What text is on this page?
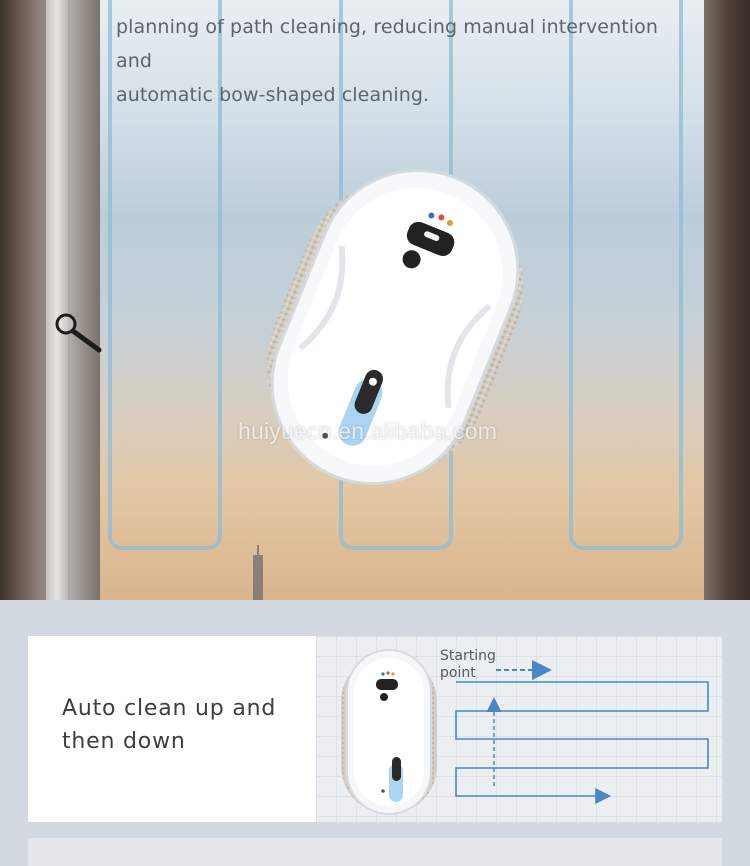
planning of path cleaning, reducing manual intervention and
automatic bow-shaped cleaning.
huiyuecn.en.alibaba.com
Auto clean up and
then down
Starting
point
